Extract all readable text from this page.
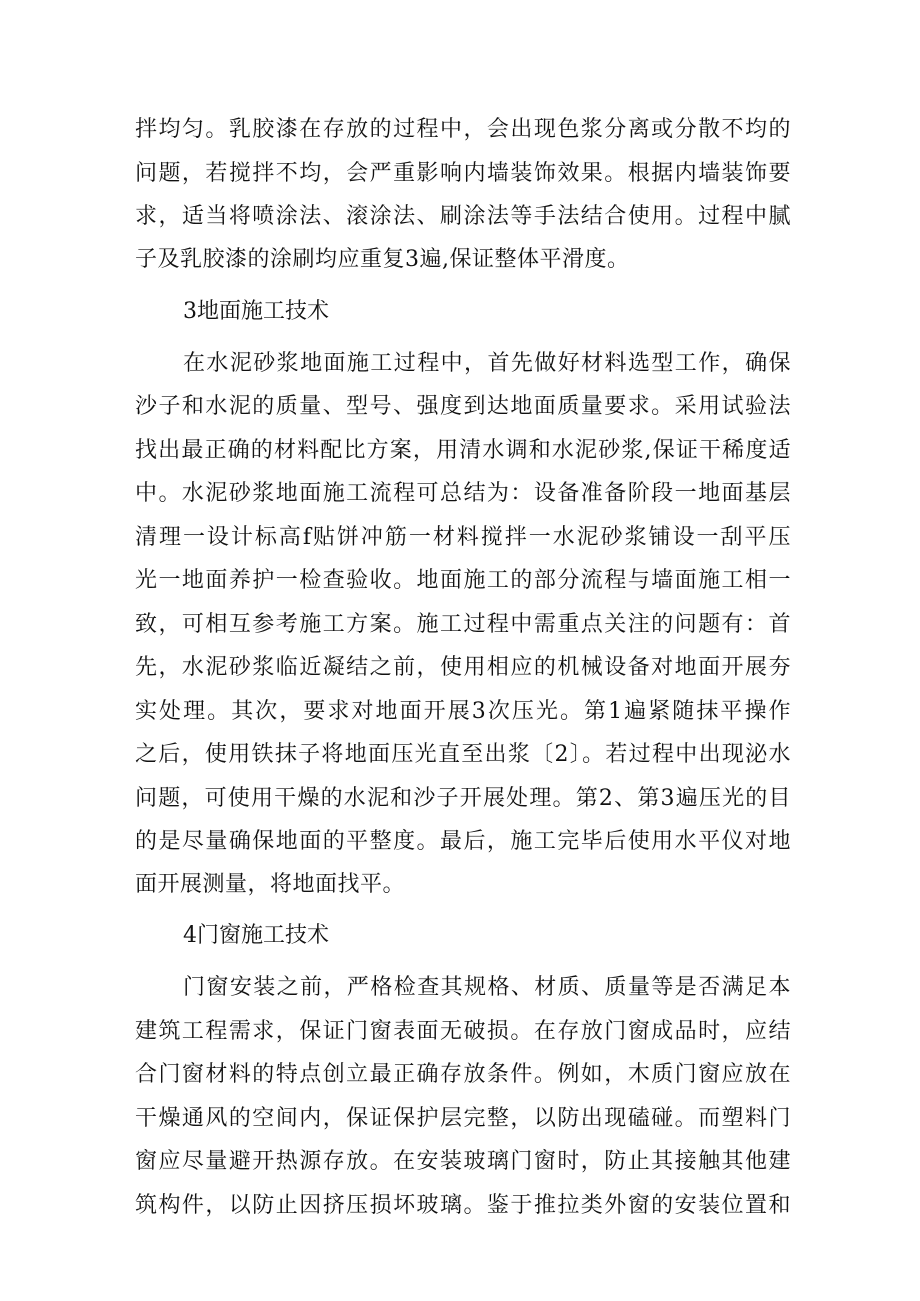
拌均匀。乳胶漆在存放的过程中，会出现色浆分离或分散不均的
问题，若搅拌不均，会严重影响内墙装饰效果。根据内墙装饰要
求，适当将喷涂法、滚涂法、刷涂法等手法结合使用。过程中腻
子及乳胶漆的涂刷均应重复3遍,保证整体平滑度。
3地面施工技术
在水泥砂浆地面施工过程中，首先做好材料选型工作，确保
沙子和水泥的质量、型号、强度到达地面质量要求。采用试验法
找出最正确的材料配比方案，用清水调和水泥砂浆,保证干稀度适
中。水泥砂浆地面施工流程可总结为：设备准备阶段一地面基层
清理一设计标高f贴饼冲筋一材料搅拌一水泥砂浆铺设一刮平压
光一地面养护一检查验收。地面施工的部分流程与墙面施工相一
致，可相互参考施工方案。施工过程中需重点关注的问题有：首
先，水泥砂浆临近凝结之前，使用相应的机械设备对地面开展夯
实处理。其次，要求对地面开展3次压光。第1遍紧随抹平操作
之后，使用铁抹子将地面压光直至出浆〔2〕。若过程中出现泌水
问题，可使用干燥的水泥和沙子开展处理。第2、第3遍压光的目
的是尽量确保地面的平整度。最后，施工完毕后使用水平仪对地
面开展测量，将地面找平。
4门窗施工技术
门窗安装之前，严格检查其规格、材质、质量等是否满足本
建筑工程需求，保证门窗表面无破损。在存放门窗成品时，应结
合门窗材料的特点创立最正确存放条件。例如，木质门窗应放在
干燥通风的空间内，保证保护层完整，以防出现磕碰。而塑料门
窗应尽量避开热源存放。在安装玻璃门窗时，防止其接触其他建
筑构件，以防止因挤压损坏玻璃。鉴于推拉类外窗的安装位置和
